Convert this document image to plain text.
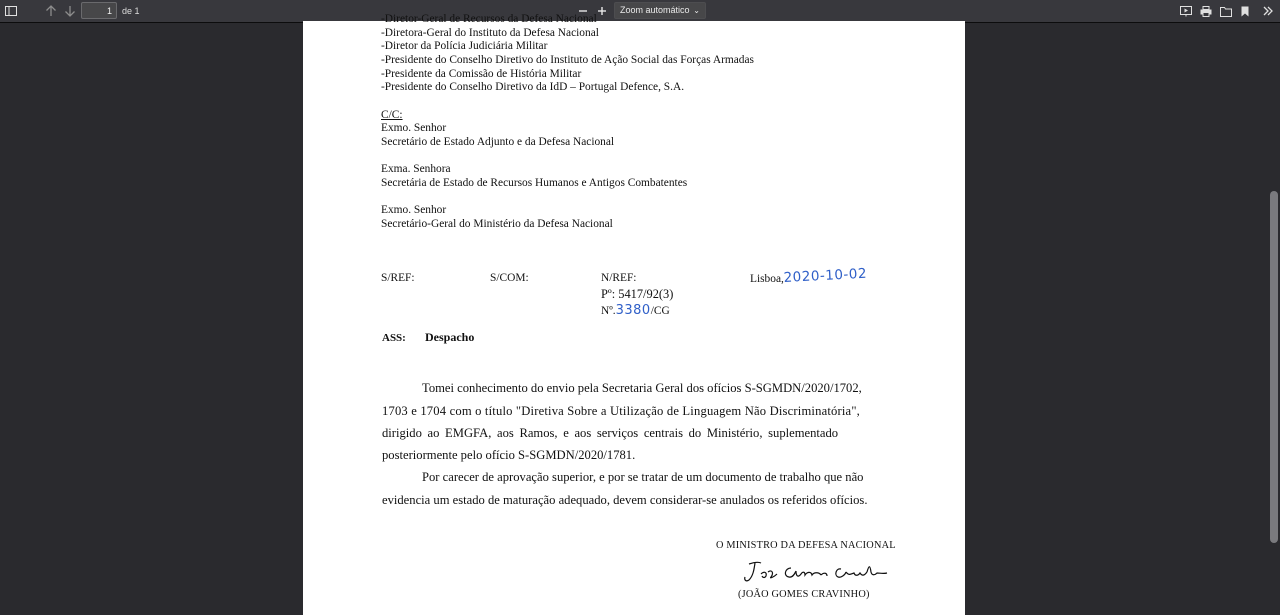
1
de 1	Zoom automático ⌄
-Diretor-Geral de Recursos da Defesa Nacional
-Diretora-Geral do Instituto da Defesa Nacional
-Diretor da Polícia Judiciária Militar
-Presidente do Conselho Diretivo do Instituto de Ação Social das Forças Armadas
-Presidente da Comissão de História Militar
-Presidente do Conselho Diretivo da IdD – Portugal Defence, S.A.
C/C:
Exmo. Senhor
Secretário de Estado Adjunto e da Defesa Nacional
Exma. Senhora
Secretária de Estado de Recursos Humanos e Antigos Combatentes
Exmo. Senhor
Secretário-Geral do Ministério da Defesa Nacional
S/REF:	S/COM:	N/REF:
Pº: 5417/92(3)
Nº.3380/CG
Lisboa,2020-10-02
ASS: Despacho
Tomei conhecimento do envio pela Secretaria Geral dos ofícios S-SGMDN/2020/1702,
1703 e 1704 com o título "Diretiva Sobre a Utilização de Linguagem Não Discriminatória",
dirigido ao EMGFA, aos Ramos, e aos serviços centrais do Ministério, suplementado
posteriormente pelo ofício S-SGMDN/2020/1781.
Por carecer de aprovação superior, e por se tratar de um documento de trabalho que não
evidencia um estado de maturação adequado, devem considerar-se anulados os referidos ofícios.
O MINISTRO DA DEFESA NACIONAL
(JOÃO GOMES CRAVINHO)
